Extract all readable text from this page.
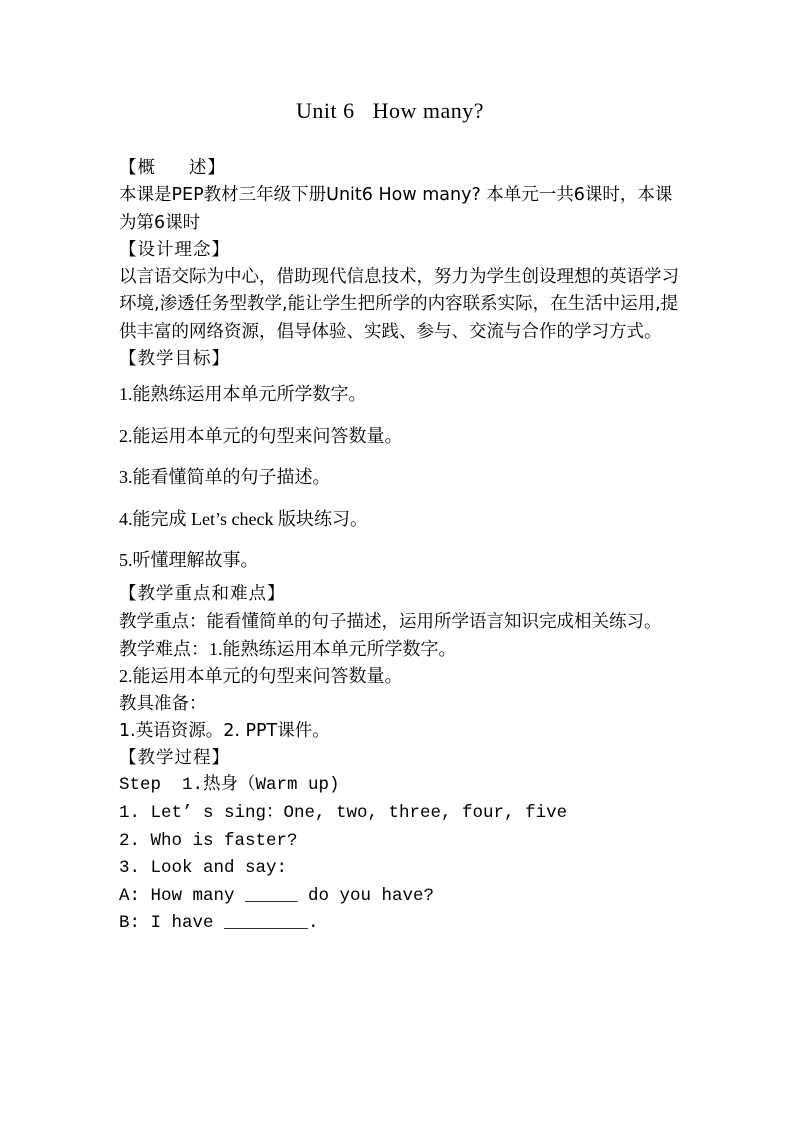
Unit 6   How many?

【概     述】

本课是PEP教材三年级下册Unit6 How many? 本单元一共6课时，本课为第6课时

【设计理念】

以言语交际为中心，借助现代信息技术，努力为学生创设理想的英语学习环境,渗透任务型教学,能让学生把所学的内容联系实际，在生活中运用,提供丰富的网络资源，倡导体验、实践、参与、交流与合作的学习方式。

【教学目标】

1.能熟练运用本单元所学数字。

2.能运用本单元的句型来问答数量。

3.能看懂简单的句子描述。

4.能完成 Let’s check 版块练习。

5.听懂理解故事。

【教学重点和难点】

教学重点：能看懂简单的句子描述，运用所学语言知识完成相关练习。

教学难点：1.能熟练运用本单元所学数字。

2.能运用本单元的句型来问答数量。

教具准备：

1.英语资源。2. PPT课件。

【教学过程】

Step  1.热身（Warm up)

1. Let’ s sing：One, two, three, four, five

2. Who is faster?

3. Look and say:

A: How many _____ do you have?

B: I have ________.
